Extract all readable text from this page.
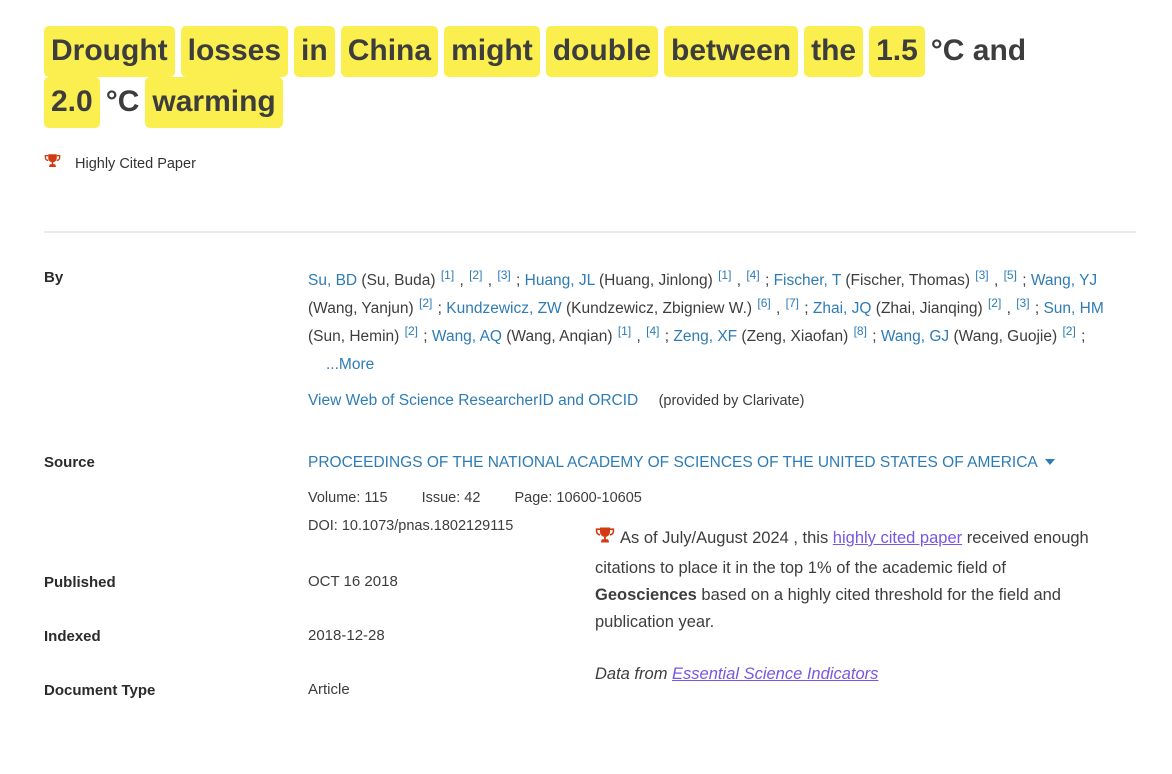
Drought losses in China might double between the 1.5 °C and
2.0 °C warming
Highly Cited Paper
By	Su, BD (Su, Buda) [1] , [2] , [3] ; Huang, JL (Huang, Jinlong) [1] , [4] ; Fischer, T (Fischer, Thomas) [3] , [5] ; Wang, YJ (Wang, Yanjun) [2] ; Kundzewicz, ZW (Kundzewicz, Zbigniew W.) [6] , [7] ; Zhai, JQ (Zhai, Jianqing) [2] , [3] ; Sun, HM (Sun, Hemin) [2] ; Wang, AQ (Wang, Anqian) [1] , [4] ; Zeng, XF (Zeng, Xiaofan) [8] ; Wang, GJ (Wang, Guojie) [2] ; ...More

View Web of Science ResearcherID and ORCID (provided by Clarivate)

Source	PROCEEDINGS OF THE NATIONAL ACADEMY OF SCIENCES OF THE UNITED STATES OF AMERICA

Volume: 115 Issue: 42 Page: 10600-10605

DOI: 10.1073/pnas.1802129115

Published	OCT 16 2018
Indexed	2018-12-28
Document Type	Article

As of July/August 2024 , this highly cited paper received enough citations to place it in the top 1% of the academic field of Geosciences based on a highly cited threshold for the field and publication year.

Data from Essential Science Indicators
